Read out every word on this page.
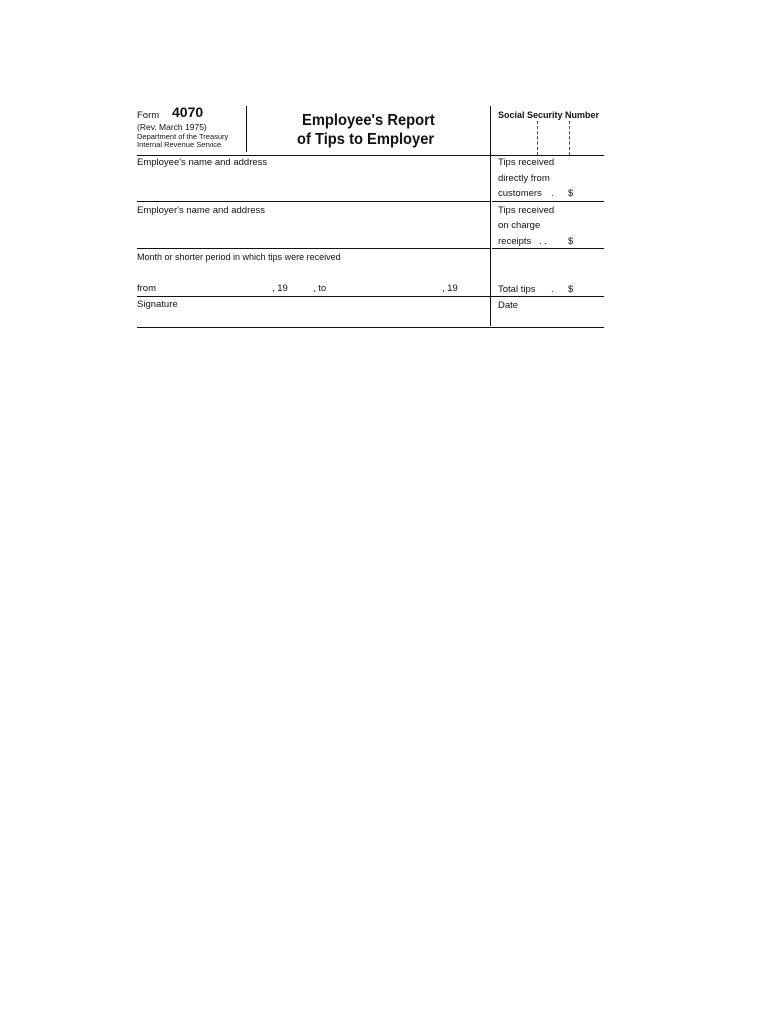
Form 4070
(Rev. March 1975)
Department of the Treasury
Internal Revenue Service
Employee's Report
of Tips to Employer
Social Security Number
Employee's name and address
Employer's name and address
Month or shorter period in which tips were received
from	, 19	, to	, 19
Signature
Tips received
directly from
customers . $
Tips received
on charge
receipts . . $
Total tips . $
Date
